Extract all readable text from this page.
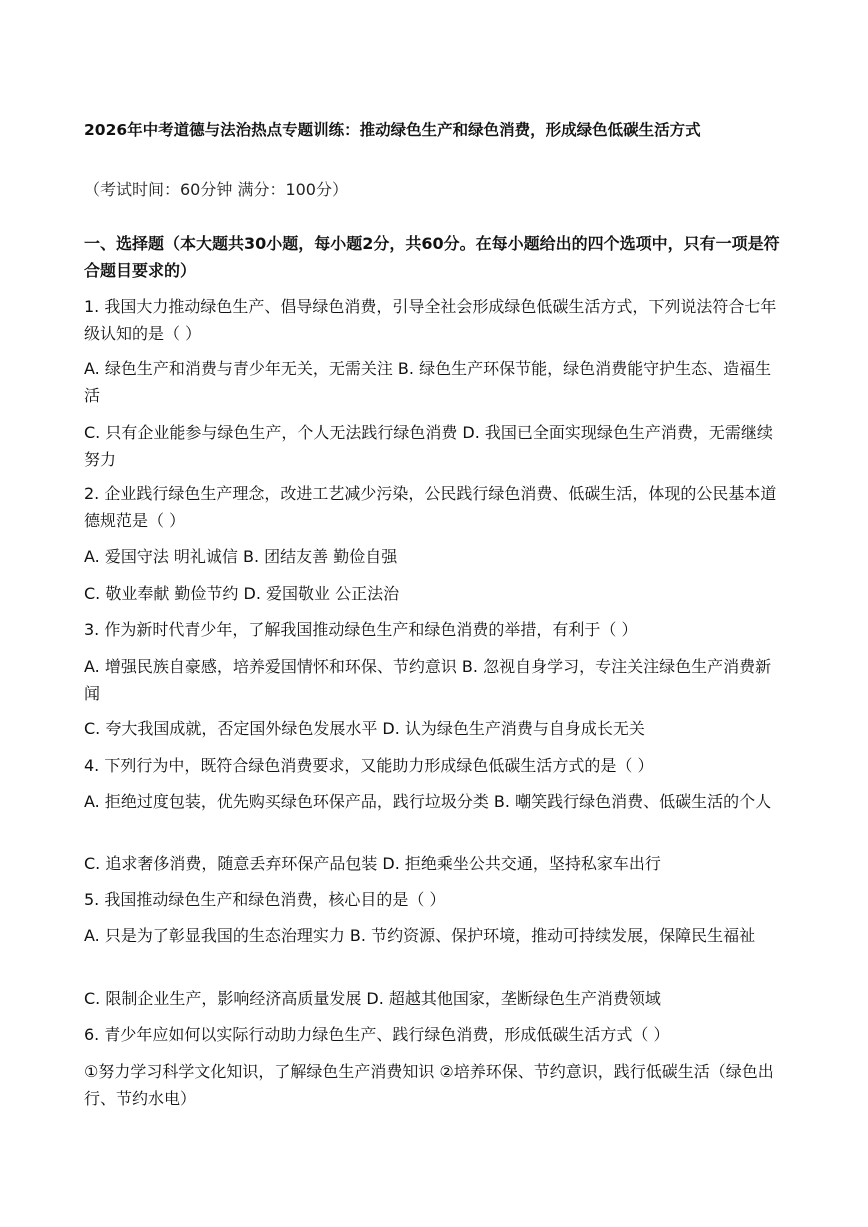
2026年中考道德与法治热点专题训练：推动绿色生产和绿色消费，形成绿色低碳生活方式
（考试时间：60分钟 满分：100分）
一、选择题（本大题共30小题，每小题2分，共60分。在每小题给出的四个选项中，只有一项是符合题目要求的）
1. 我国大力推动绿色生产、倡导绿色消费，引导全社会形成绿色低碳生活方式，下列说法符合七年级认知的是（ ）
A. 绿色生产和消费与青少年无关，无需关注 B. 绿色生产环保节能，绿色消费能守护生态、造福生活
C. 只有企业能参与绿色生产，个人无法践行绿色消费 D. 我国已全面实现绿色生产消费，无需继续努力
2. 企业践行绿色生产理念，改进工艺减少污染，公民践行绿色消费、低碳生活，体现的公民基本道德规范是（ ）
A. 爱国守法 明礼诚信 B. 团结友善 勤俭自强
C. 敬业奉献 勤俭节约 D. 爱国敬业 公正法治
3. 作为新时代青少年，了解我国推动绿色生产和绿色消费的举措，有利于（ ）
A. 增强民族自豪感，培养爱国情怀和环保、节约意识 B. 忽视自身学习，专注关注绿色生产消费新闻
C. 夸大我国成就，否定国外绿色发展水平 D. 认为绿色生产消费与自身成长无关
4. 下列行为中，既符合绿色消费要求，又能助力形成绿色低碳生活方式的是（ ）
A. 拒绝过度包装，优先购买绿色环保产品，践行垃圾分类 B. 嘲笑践行绿色消费、低碳生活的个人
C. 追求奢侈消费，随意丢弃环保产品包装 D. 拒绝乘坐公共交通，坚持私家车出行
5. 我国推动绿色生产和绿色消费，核心目的是（ ）
A. 只是为了彰显我国的生态治理实力 B. 节约资源、保护环境，推动可持续发展，保障民生福祉
C. 限制企业生产，影响经济高质量发展 D. 超越其他国家，垄断绿色生产消费领域
6. 青少年应如何以实际行动助力绿色生产、践行绿色消费，形成低碳生活方式（ ）
①努力学习科学文化知识，了解绿色生产消费知识 ②培养环保、节约意识，践行低碳生活（绿色出行、节约水电）
